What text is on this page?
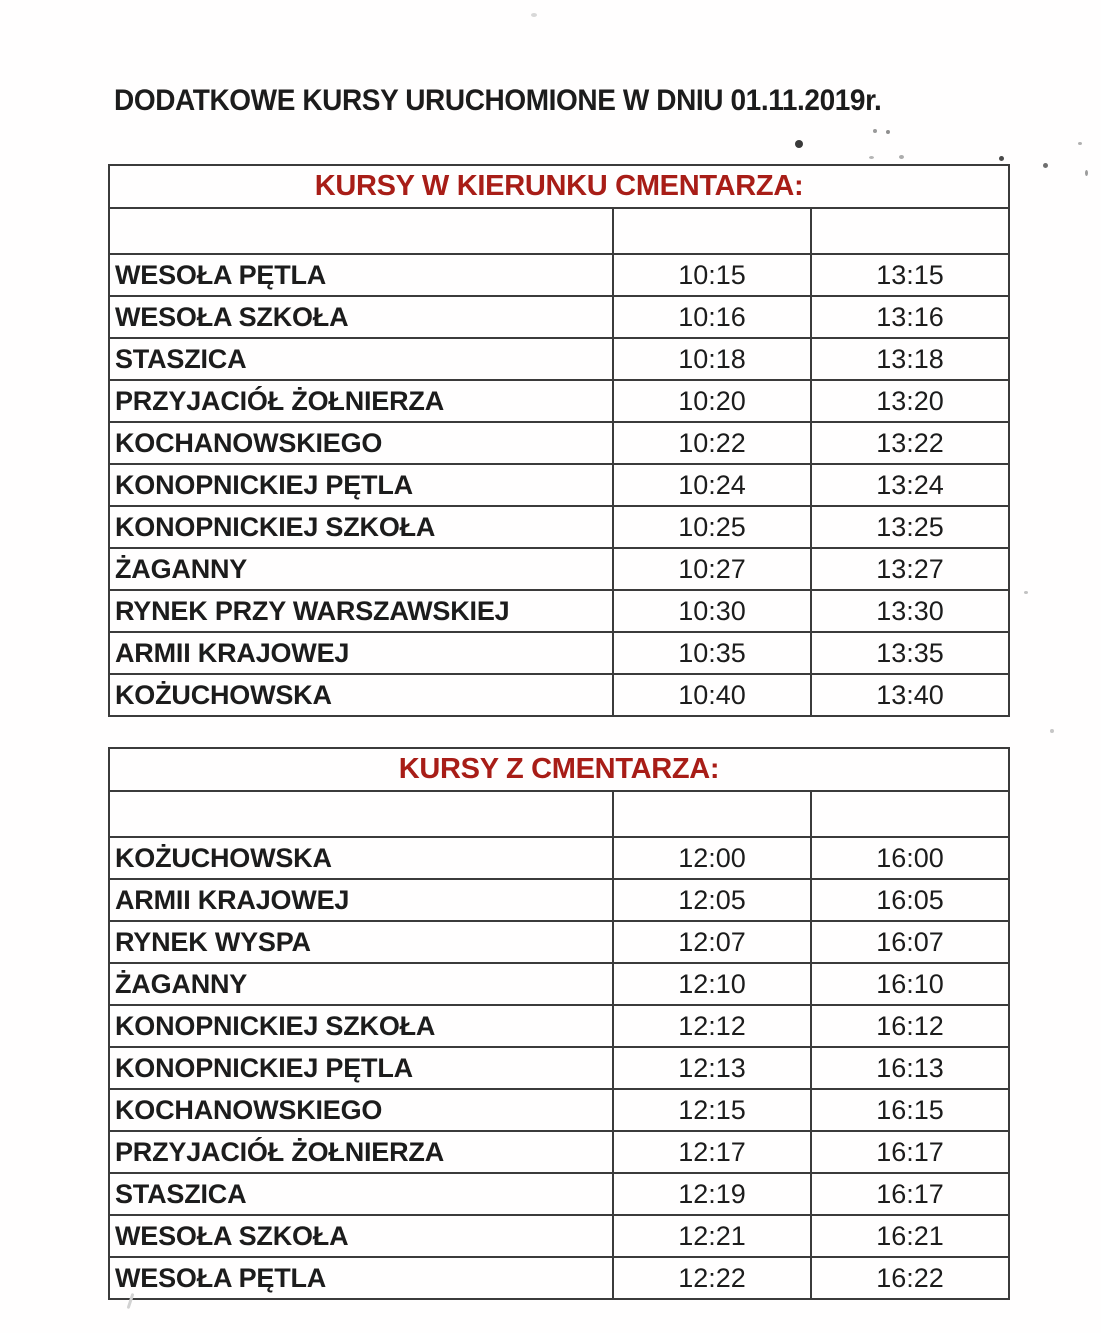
DODATKOWE KURSY URUCHOMIONE W DNIU 01.11.2019r.
KURSY W KIERUNKU CMENTARZA:		

WESOŁA PĘTLA	10:15	13:15
WESOŁA SZKOŁA	10:16	13:16
STASZICA	10:18	13:18
PRZYJACIÓŁ ŻOŁNIERZA	10:20	13:20
KOCHANOWSKIEGO	10:22	13:22
KONOPNICKIEJ PĘTLA	10:24	13:24
KONOPNICKIEJ SZKOŁA	10:25	13:25
ŻAGANNY	10:27	13:27
RYNEK PRZY WARSZAWSKIEJ	10:30	13:30
ARMII KRAJOWEJ	10:35	13:35
KOŻUCHOWSKA	10:40	13:40
KURSY Z CMENTARZA:		

KOŻUCHOWSKA	12:00	16:00
ARMII KRAJOWEJ	12:05	16:05
RYNEK WYSPA	12:07	16:07
ŻAGANNY	12:10	16:10
KONOPNICKIEJ SZKOŁA	12:12	16:12
KONOPNICKIEJ PĘTLA	12:13	16:13
KOCHANOWSKIEGO	12:15	16:15
PRZYJACIÓŁ ŻOŁNIERZA	12:17	16:17
STASZICA	12:19	16:17
WESOŁA SZKOŁA	12:21	16:21
WESOŁA PĘTLA	12:22	16:22
